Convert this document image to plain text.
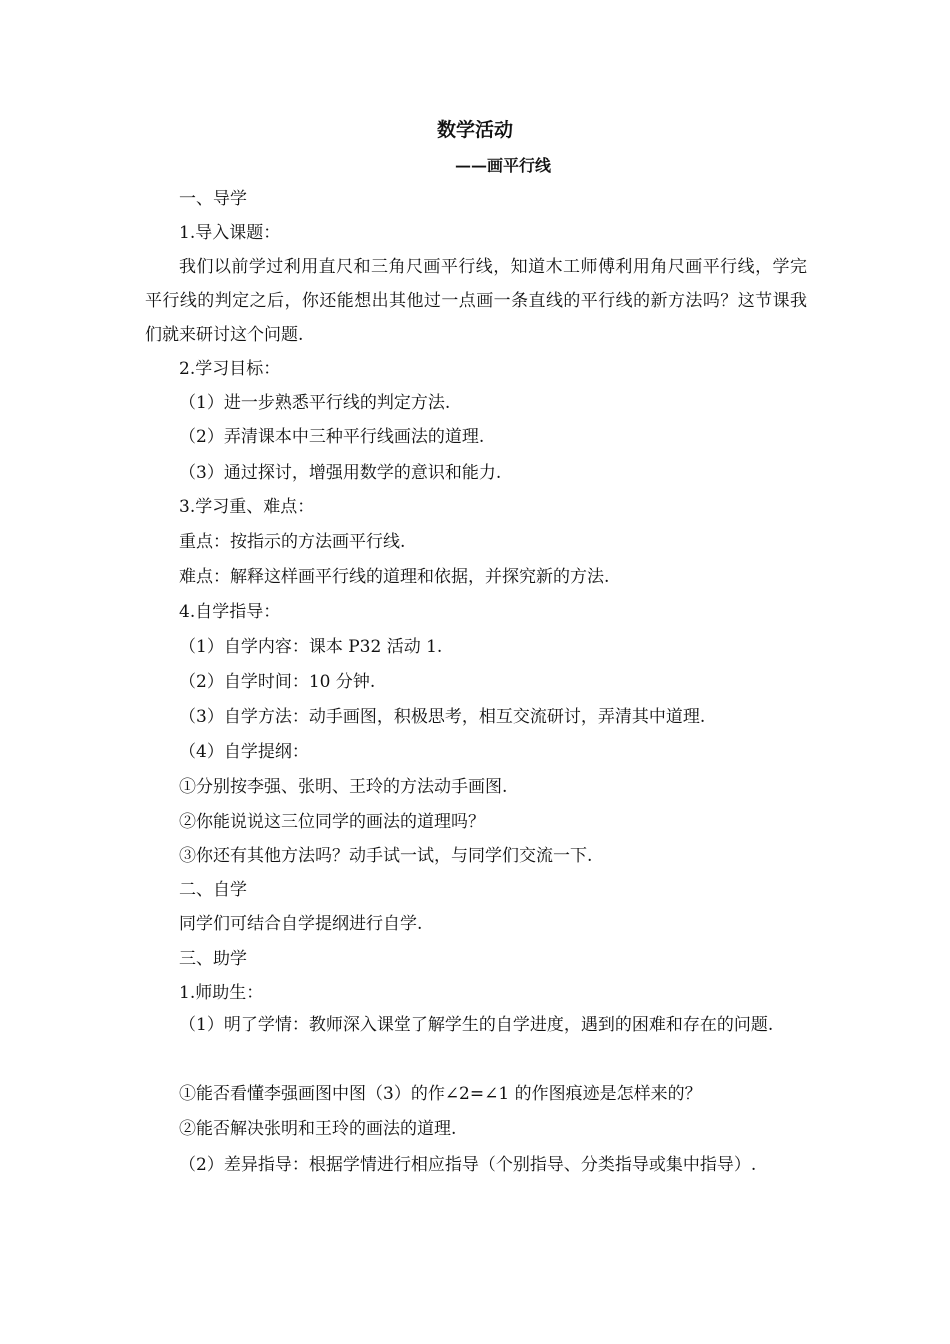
数学活动
——画平行线
一、导学
1.导入课题：
我们以前学过利用直尺和三角尺画平行线，知道木工师傅利用角尺画平行线，学完平行线的判定之后，你还能想出其他过一点画一条直线的平行线的新方法吗？这节课我们就来研讨这个问题.
2.学习目标：
（1）进一步熟悉平行线的判定方法.
（2）弄清课本中三种平行线画法的道理.
（3）通过探讨，增强用数学的意识和能力.
3.学习重、难点：
重点：按指示的方法画平行线.
难点：解释这样画平行线的道理和依据，并探究新的方法.
4.自学指导：
（1）自学内容：课本 P32 活动 1.
（2）自学时间：10 分钟.
（3）自学方法：动手画图，积极思考，相互交流研讨，弄清其中道理.
（4）自学提纲：
①分别按李强、张明、王玲的方法动手画图.
②你能说说这三位同学的画法的道理吗？
③你还有其他方法吗？动手试一试，与同学们交流一下.
二、自学
同学们可结合自学提纲进行自学.
三、助学
1.师助生：
（1）明了学情：教师深入课堂了解学生的自学进度，遇到的困难和存在的问题.
①能否看懂李强画图中图（3）的作∠2=∠1 的作图痕迹是怎样来的？
②能否解决张明和王玲的画法的道理.
（2）差异指导：根据学情进行相应指导（个别指导、分类指导或集中指导）.
